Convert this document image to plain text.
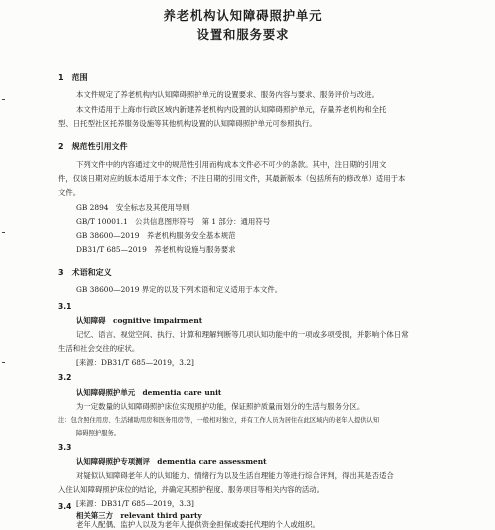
养老机构认知障碍照护单元
设置和服务要求
1　范围
本文件规定了养老机构内认知障碍照护单元的设置要求、服务内容与要求、服务评价与改进。
本文件适用于上海市行政区域内新建养老机构内设置的认知障碍照护单元，存量养老机构和全托
型、日托型社区托养服务设施等其他机构设置的认知障碍照护单元可参照执行。
2　规范性引用文件
下列文件中的内容通过文中的规范性引用而构成本文件必不可少的条款。其中，注日期的引用文
件，仅该日期对应的版本适用于本文件；不注日期的引用文件，其最新版本（包括所有的修改单）适用于本
文件。
GB 2894　安全标志及其使用导则
GB/T 10001.1　公共信息图形符号　第 1 部分：通用符号
GB 38600—2019　养老机构服务安全基本规范
DB31/T 685—2019　养老机构设施与服务要求
3　术语和定义
GB 38600—2019 界定的以及下列术语和定义适用于本文件。
3.1
认知障碍　cognitive impairment
记忆、语言、视觉空间、执行、计算和理解判断等几项认知功能中的一项或多项受损，并影响个体日常
生活和社会交往的症状。
[来源：DB31/T 685—2019，3.2]
3.2
认知障碍照护单元　dementia care unit
为一定数量的认知障碍照护床位实现照护功能，保证照护质量而划分的生活与服务分区。
注：包含照住用房、生活辅助用房和医务用房等，一般相对独立，并有工作人员为居住在此区域内的老年人提供认知
障碍照护服务。
3.3
认知障碍照护专项测评　dementia care assessment
对疑似认知障碍老年人的认知能力、情绪行为以及生活自理能力等进行综合评判，得出其是否适合
入住认知障碍照护床位的结论，并确定其照护程度、服务项目等相关内容的活动。
[来源：DB31/T 685—2019，3.3]
3.4
相关第三方　relevant third party
老年人配偶、监护人以及为老年人提供资金担保或委托代理的个人或组织。
